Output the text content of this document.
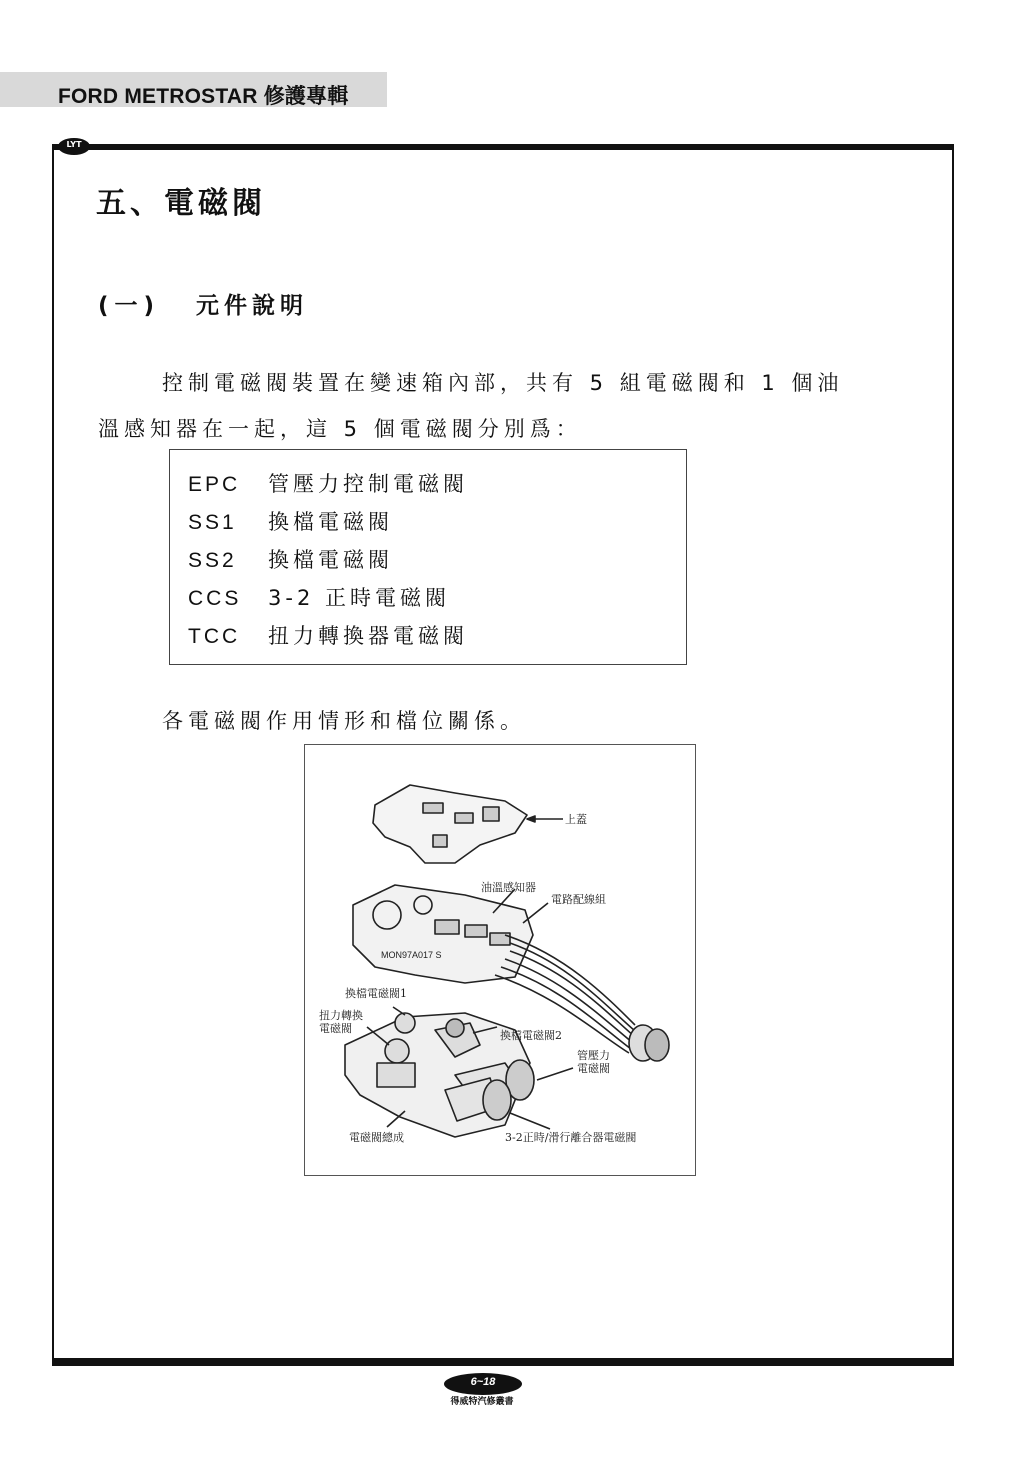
FORD METROSTAR 修護專輯
LYT
五、電磁閥
(一) 元件說明
控制電磁閥裝置在變速箱內部，共有 5 組電磁閥和 1 個油
溫感知器在一起，這 5 個電磁閥分別爲：
EPC 管壓力控制電磁閥
SS1 換檔電磁閥
SS2 換檔電磁閥
CCS 3-2 正時電磁閥
TCC 扭力轉換器電磁閥
各電磁閥作用情形和檔位關係。
上蓋
油溫感知器
電路配線組
MON97A017 S
換檔電磁閥1
扭力轉換
電磁閥
換檔電磁閥2
管壓力
電磁閥
電磁閥總成	3-2正時/滑行離合器電磁閥
6~18
得威特汽修叢書
